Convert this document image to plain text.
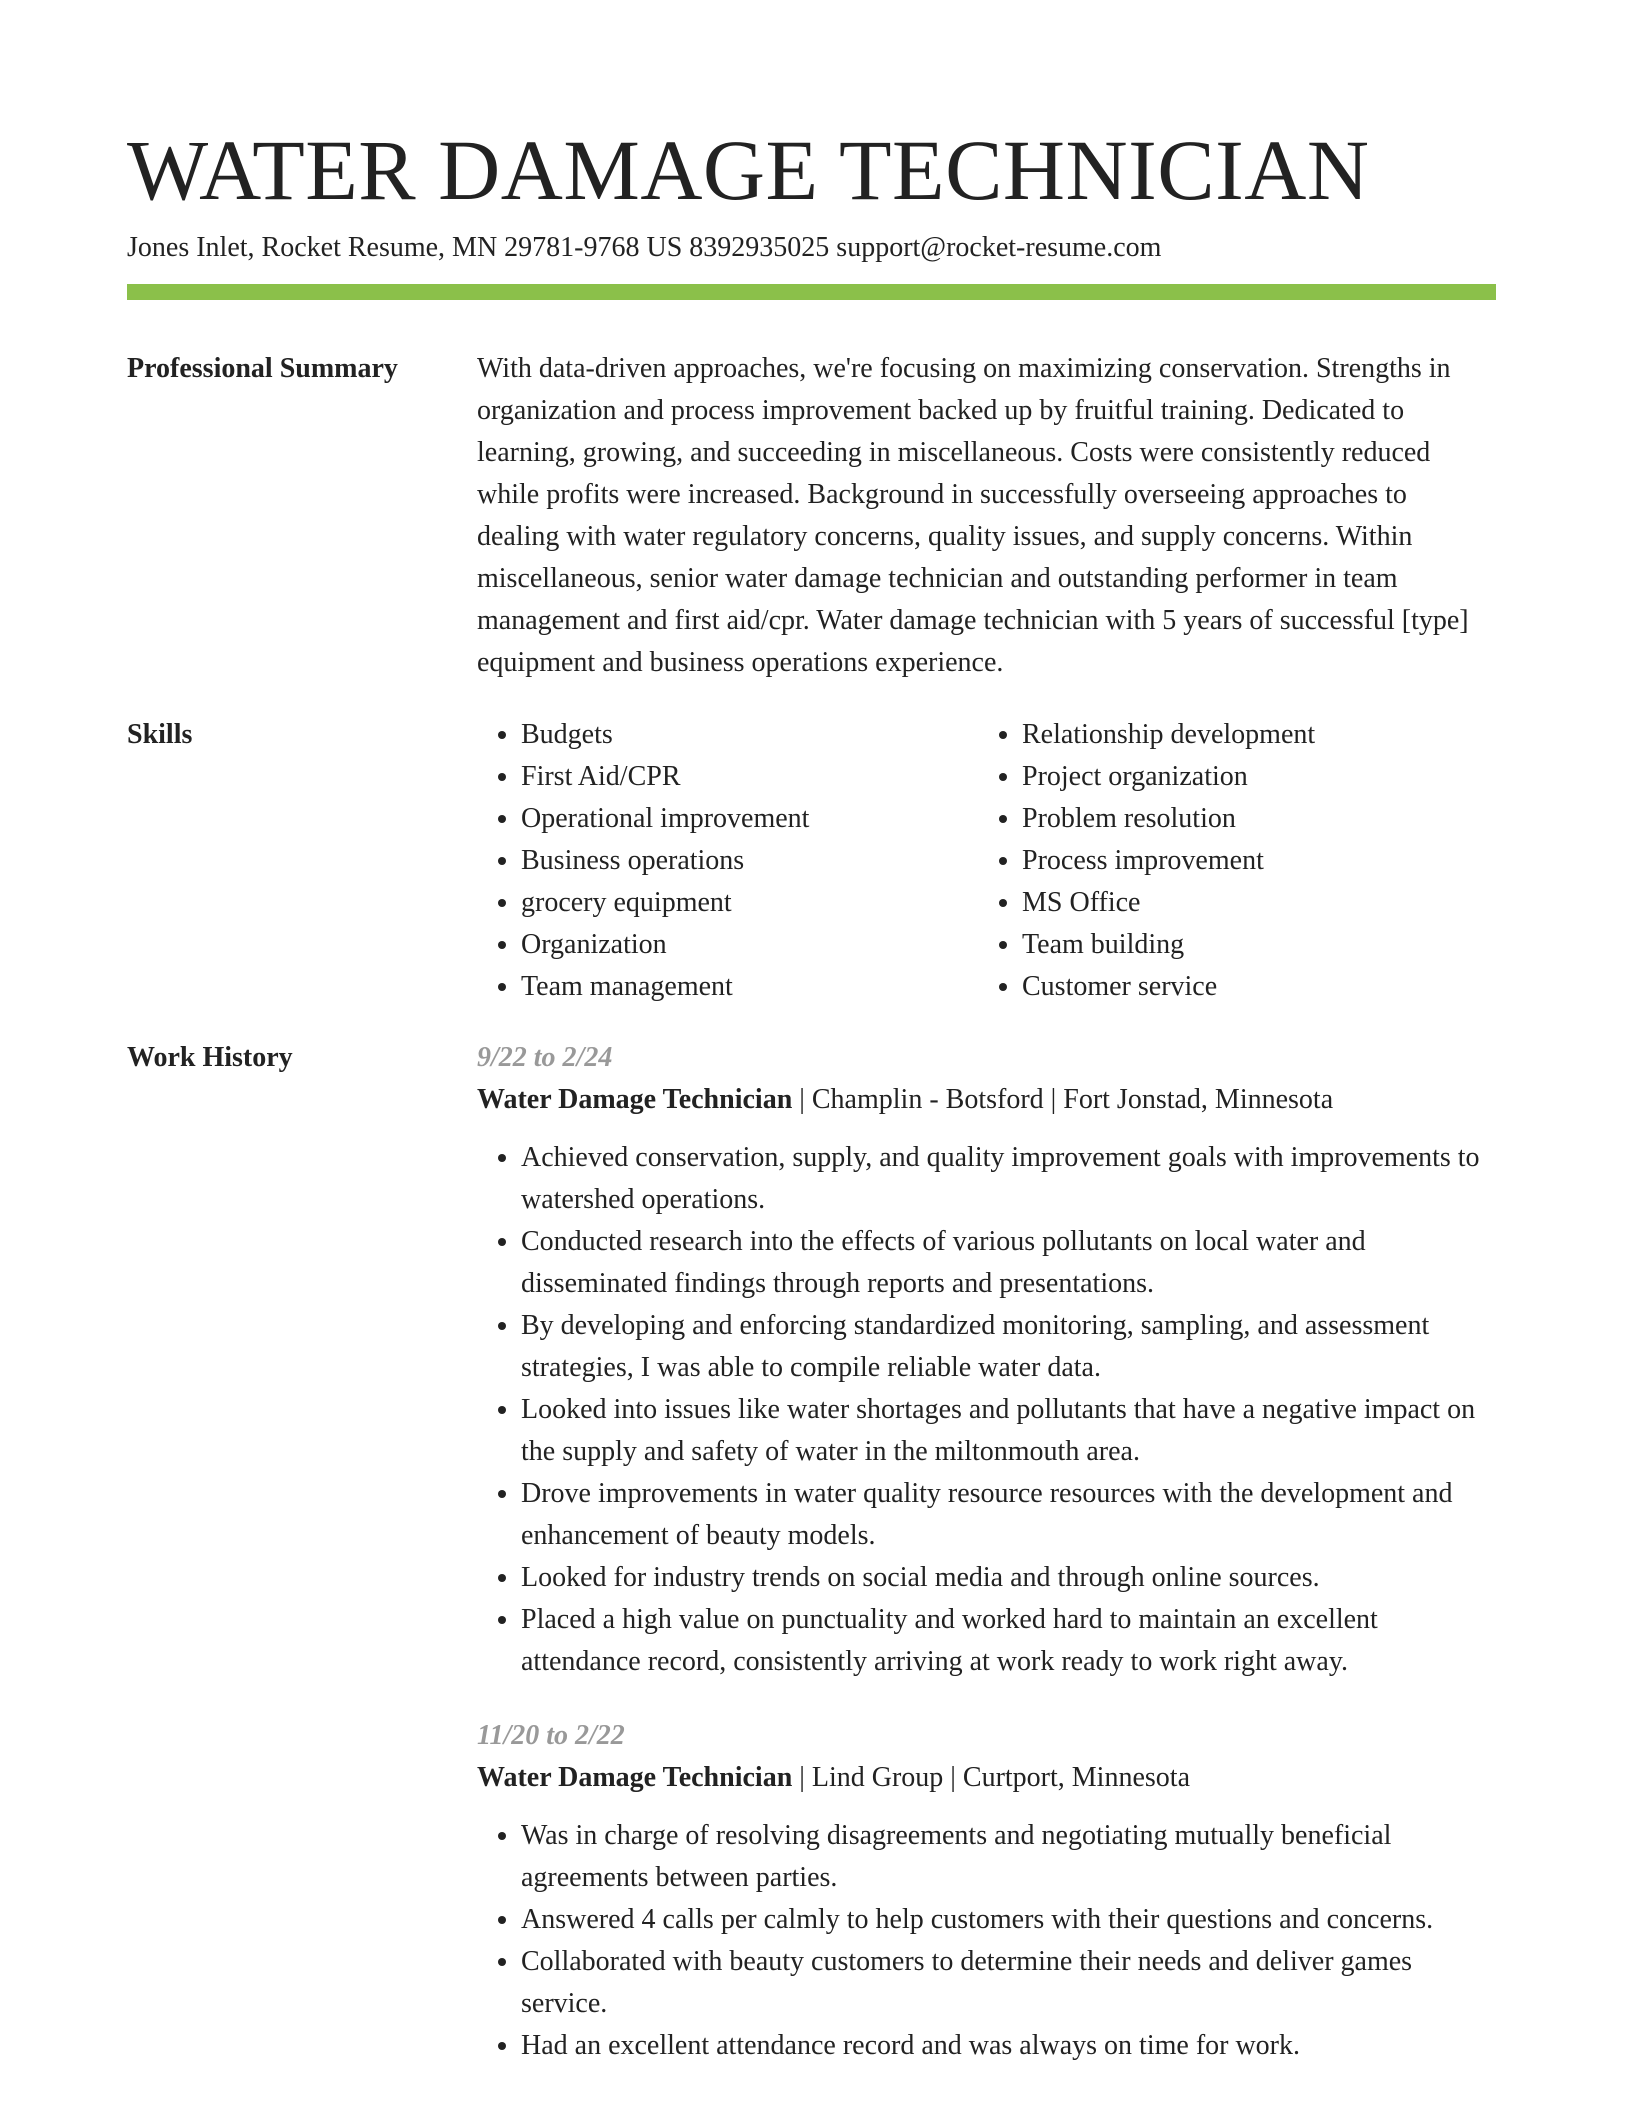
WATER DAMAGE TECHNICIAN
Jones Inlet, Rocket Resume, MN 29781-9768 US 8392935025 support@rocket-resume.com
Professional Summary	With data-driven approaches, we're focusing on maximizing conservation. Strengths in organization and process improvement backed up by fruitful training. Dedicated to learning, growing, and succeeding in miscellaneous. Costs were consistently reduced while profits were increased. Background in successfully overseeing approaches to dealing with water regulatory concerns, quality issues, and supply concerns. Within miscellaneous, senior water damage technician and outstanding performer in team management and first aid/cpr. Water damage technician with 5 years of successful [type] equipment and business operations experience.

Skills
•	Budgets
• First Aid/CPR
• Operational improvement
• Business operations
• grocery equipment
• Organization
• Team management
• Relationship development
• Project organization
• Problem resolution
• Process improvement
• MS Office
• Team building
• Customer service
Work History	9/22 to 2/24
Water Damage Technician | Champlin - Botsford | Fort Jonstad, Minnesota
• Achieved conservation, supply, and quality improvement goals with improvements to watershed operations.
• Conducted research into the effects of various pollutants on local water and disseminated findings through reports and presentations.
• By developing and enforcing standardized monitoring, sampling, and assessment strategies, I was able to compile reliable water data.
• Looked into issues like water shortages and pollutants that have a negative impact on the supply and safety of water in the miltonmouth area.
• Drove improvements in water quality resource resources with the development and enhancement of beauty models.
• Looked for industry trends on social media and through online sources.
• Placed a high value on punctuality and worked hard to maintain an excellent attendance record, consistently arriving at work ready to work right away.
11/20 to 2/22
Water Damage Technician | Lind Group | Curtport, Minnesota
• Was in charge of resolving disagreements and negotiating mutually beneficial agreements between parties.
• Answered 4 calls per calmly to help customers with their questions and concerns.
• Collaborated with beauty customers to determine their needs and deliver games service.
• Had an excellent attendance record and was always on time for work.
